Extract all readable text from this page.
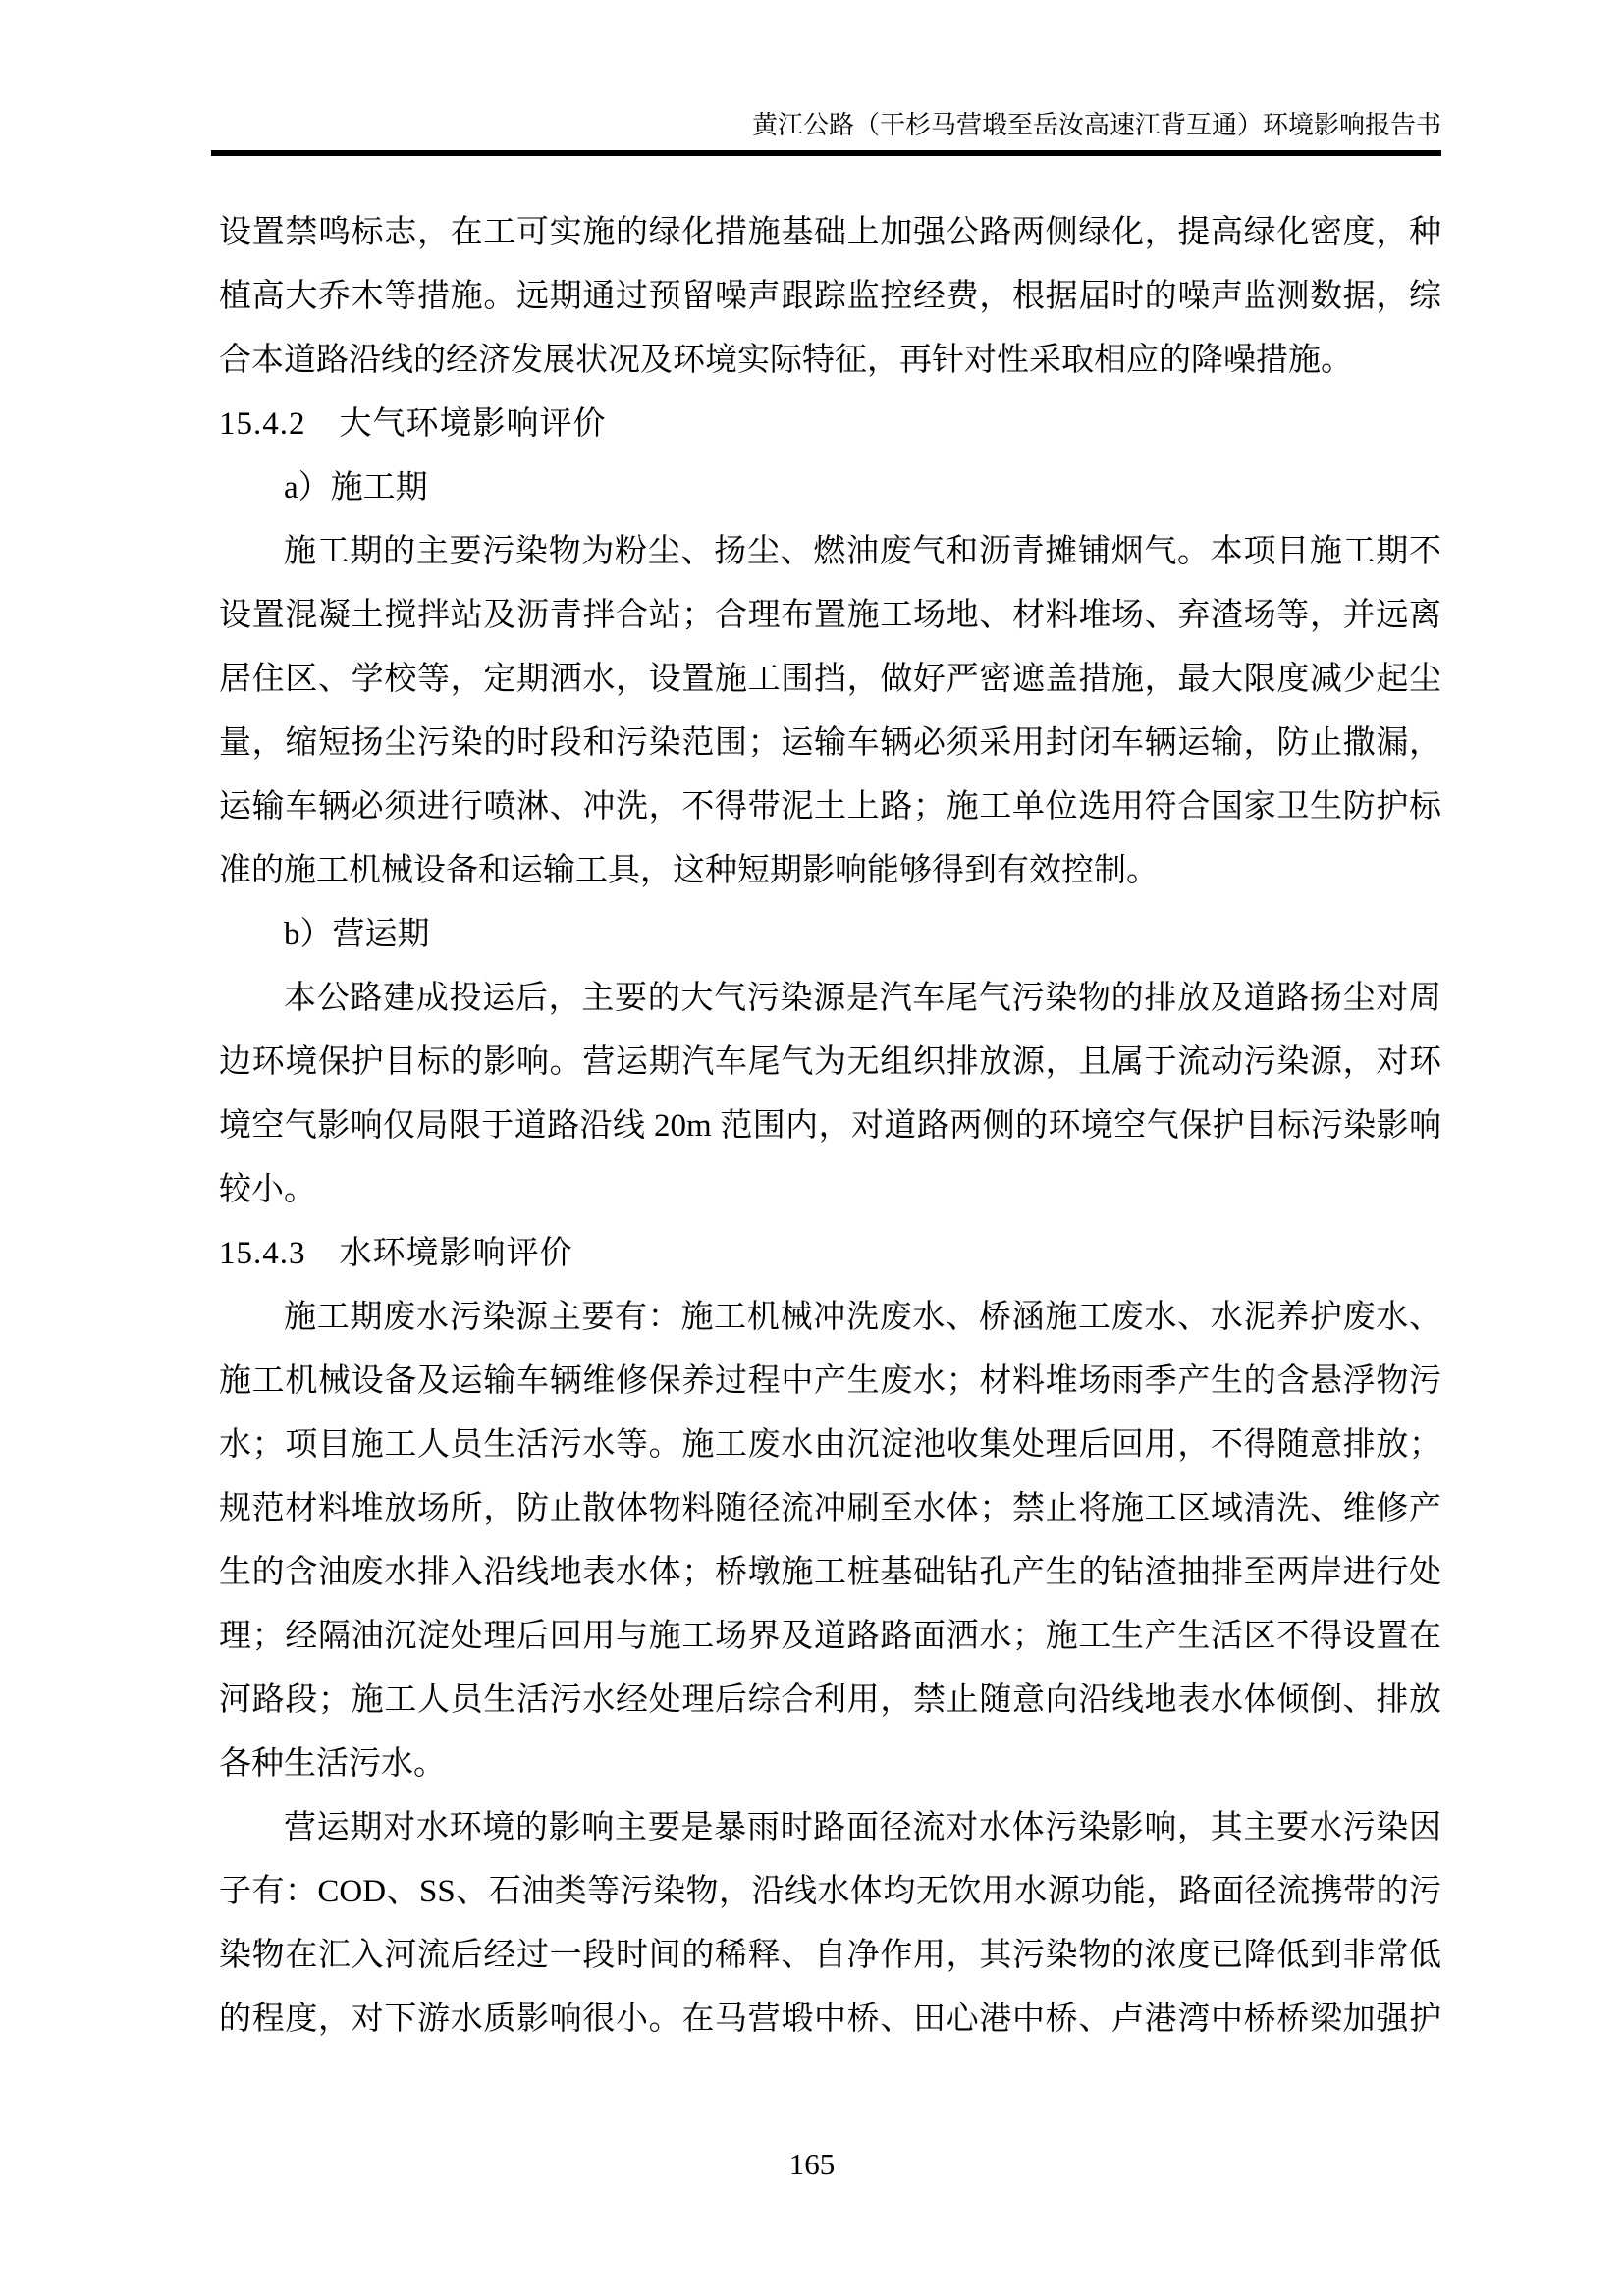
黄江公路（干杉马营塅至岳汝高速江背互通）环境影响报告书
设置禁鸣标志，在工可实施的绿化措施基础上加强公路两侧绿化，提高绿化密度，种
植高大乔木等措施。远期通过预留噪声跟踪监控经费，根据届时的噪声监测数据，综
合本道路沿线的经济发展状况及环境实际特征，再针对性采取相应的降噪措施。
15.4.2　大气环境影响评价
a）施工期
施工期的主要污染物为粉尘、扬尘、燃油废气和沥青摊铺烟气。本项目施工期不
设置混凝土搅拌站及沥青拌合站；合理布置施工场地、材料堆场、弃渣场等，并远离
居住区、学校等，定期洒水，设置施工围挡，做好严密遮盖措施，最大限度减少起尘
量，缩短扬尘污染的时段和污染范围；运输车辆必须采用封闭车辆运输，防止撒漏，
运输车辆必须进行喷淋、冲洗，不得带泥土上路；施工单位选用符合国家卫生防护标
准的施工机械设备和运输工具，这种短期影响能够得到有效控制。
b）营运期
本公路建成投运后，主要的大气污染源是汽车尾气污染物的排放及道路扬尘对周
边环境保护目标的影响。营运期汽车尾气为无组织排放源，且属于流动污染源，对环
境空气影响仅局限于道路沿线 20m 范围内，对道路两侧的环境空气保护目标污染影响
较小。
15.4.3　水环境影响评价
施工期废水污染源主要有：施工机械冲洗废水、桥涵施工废水、水泥养护废水、
施工机械设备及运输车辆维修保养过程中产生废水；材料堆场雨季产生的含悬浮物污
水；项目施工人员生活污水等。施工废水由沉淀池收集处理后回用，不得随意排放；
规范材料堆放场所，防止散体物料随径流冲刷至水体；禁止将施工区域清洗、维修产
生的含油废水排入沿线地表水体；桥墩施工桩基础钻孔产生的钻渣抽排至两岸进行处
理；经隔油沉淀处理后回用与施工场界及道路路面洒水；施工生产生活区不得设置在
河路段；施工人员生活污水经处理后综合利用，禁止随意向沿线地表水体倾倒、排放
各种生活污水。
营运期对水环境的影响主要是暴雨时路面径流对水体污染影响，其主要水污染因
子有：COD、SS、石油类等污染物，沿线水体均无饮用水源功能，路面径流携带的污
染物在汇入河流后经过一段时间的稀释、自净作用，其污染物的浓度已降低到非常低
的程度，对下游水质影响很小。在马营塅中桥、田心港中桥、卢港湾中桥桥梁加强护
165
